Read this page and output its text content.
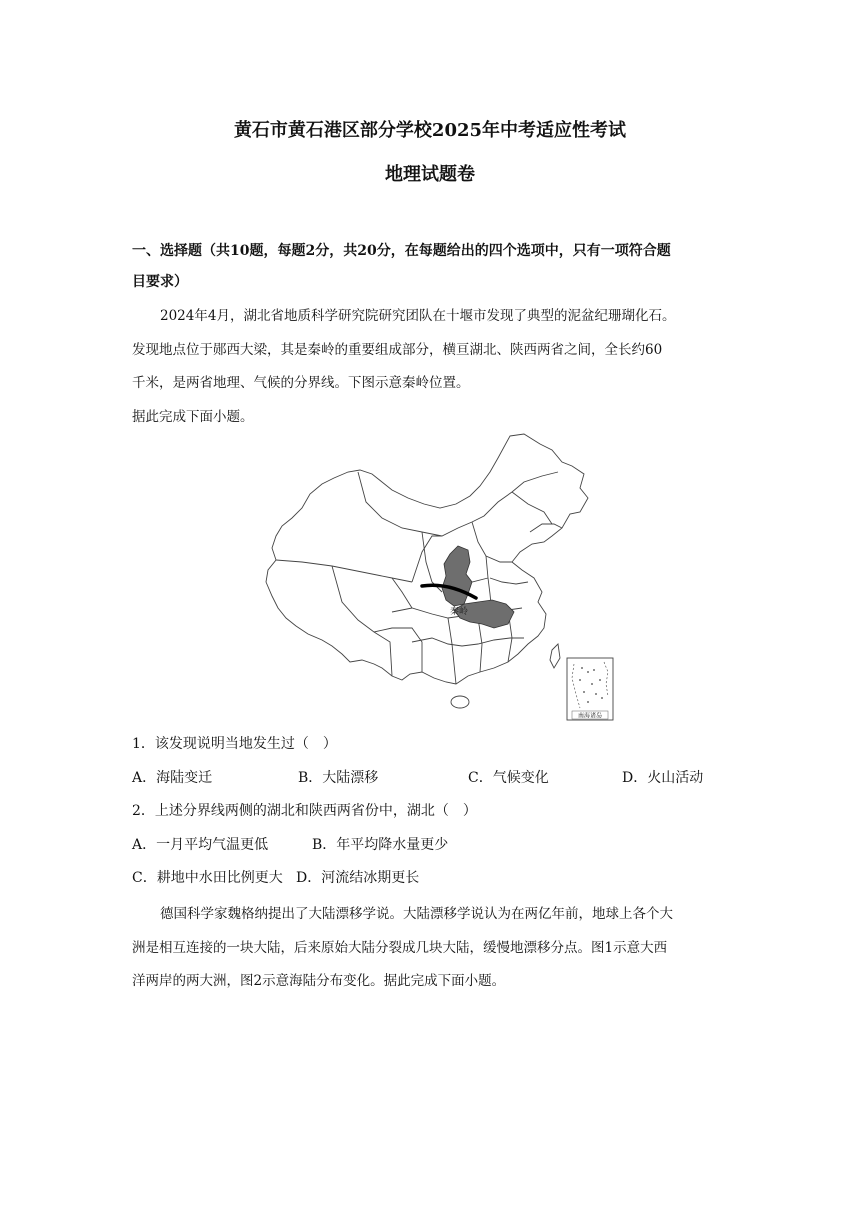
黄石市黄石港区部分学校2025年中考适应性考试
地理试题卷
一、选择题（共10题，每题2分，共20分，在每题给出的四个选项中，只有一项符合题
目要求）
2024年4月，湖北省地质科学研究院研究团队在十堰市发现了典型的泥盆纪珊瑚化石。
发现地点位于郧西大梁，其是秦岭的重要组成部分，横亘湖北、陕西两省之间，全长约60
千米，是两省地理、气候的分界线。下图示意秦岭位置。
据此完成下面小题。
秦岭
南海诸岛
1．该发现说明当地发生过（　）
A．海陆变迁	B．大陆漂移	C．气候变化	D．火山活动
2．上述分界线两侧的湖北和陕西两省份中，湖北（　）
A．一月平均气温更低	B．年平均降水量更少
C．耕地中水田比例更大 D．河流结冰期更长
德国科学家魏格纳提出了大陆漂移学说。大陆漂移学说认为在两亿年前，地球上各个大
洲是相互连接的一块大陆，后来原始大陆分裂成几块大陆，缓慢地漂移分点。图1示意大西
洋两岸的两大洲，图2示意海陆分布变化。据此完成下面小题。
